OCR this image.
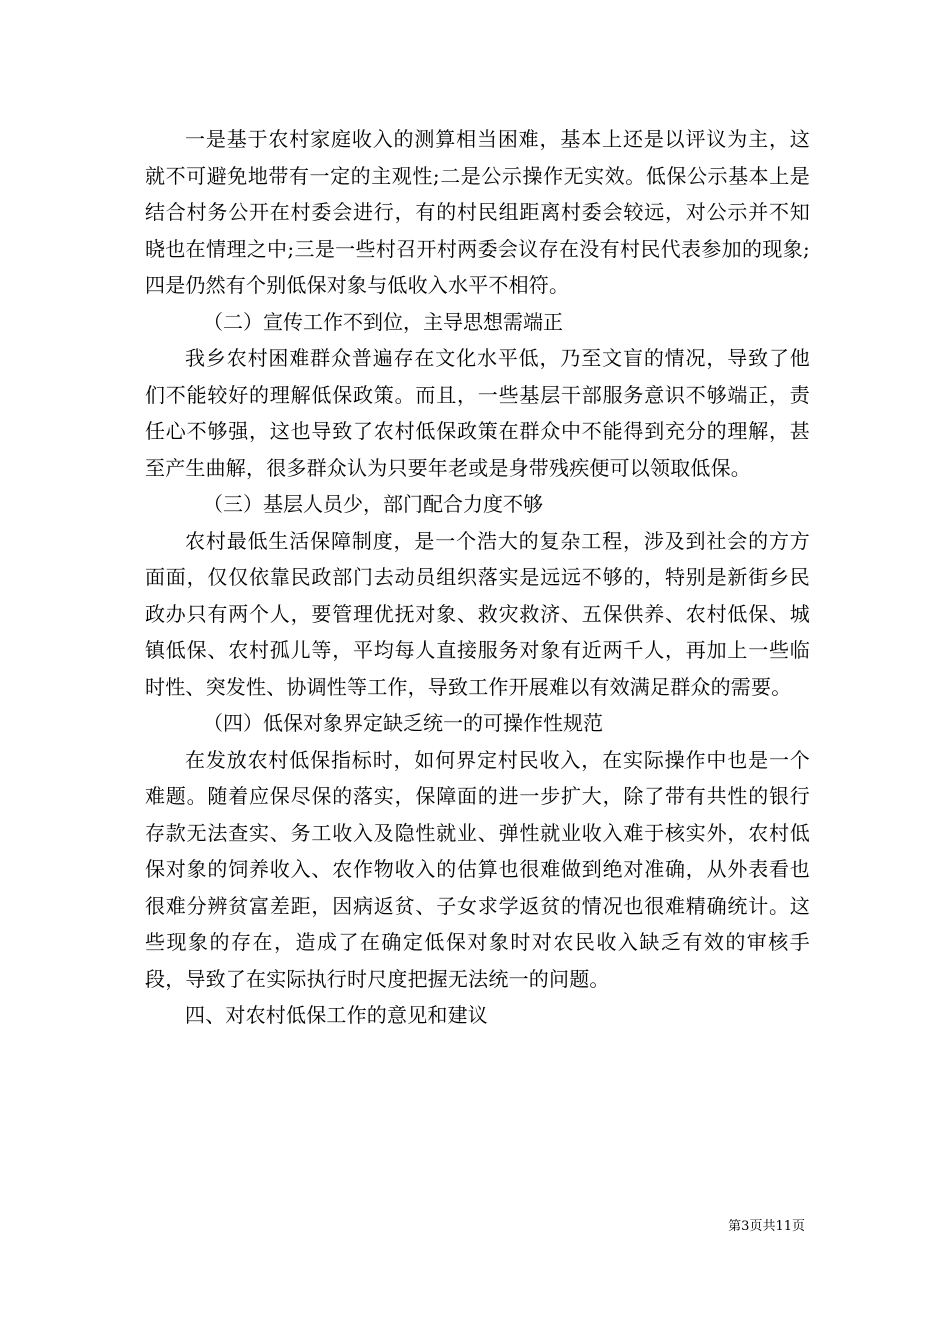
一是基于农村家庭收入的测算相当困难，基本上还是以评议为主，这就不可避免地带有一定的主观性;二是公示操作无实效。低保公示基本上是结合村务公开在村委会进行，有的村民组距离村委会较远，对公示并不知晓也在情理之中;三是一些村召开村两委会议存在没有村民代表参加的现象;四是仍然有个别低保对象与低收入水平不相符。

（二）宣传工作不到位，主导思想需端正

我乡农村困难群众普遍存在文化水平低，乃至文盲的情况，导致了他们不能较好的理解低保政策。而且，一些基层干部服务意识不够端正，责任心不够强，这也导致了农村低保政策在群众中不能得到充分的理解，甚至产生曲解，很多群众认为只要年老或是身带残疾便可以领取低保。

（三）基层人员少，部门配合力度不够

农村最低生活保障制度，是一个浩大的复杂工程，涉及到社会的方方面面，仅仅依靠民政部门去动员组织落实是远远不够的，特别是新街乡民政办只有两个人，要管理优抚对象、救灾救济、五保供养、农村低保、城镇低保、农村孤儿等，平均每人直接服务对象有近两千人，再加上一些临时性、突发性、协调性等工作，导致工作开展难以有效满足群众的需要。

（四）低保对象界定缺乏统一的可操作性规范

在发放农村低保指标时，如何界定村民收入，在实际操作中也是一个难题。随着应保尽保的落实，保障面的进一步扩大，除了带有共性的银行存款无法查实、务工收入及隐性就业、弹性就业收入难于核实外，农村低保对象的饲养收入、农作物收入的估算也很难做到绝对准确，从外表看也很难分辨贫富差距，因病返贫、子女求学返贫的情况也很难精确统计。这些现象的存在，造成了在确定低保对象时对农民收入缺乏有效的审核手段，导致了在实际执行时尺度把握无法统一的问题。

四、对农村低保工作的意见和建议

第3页共11页
